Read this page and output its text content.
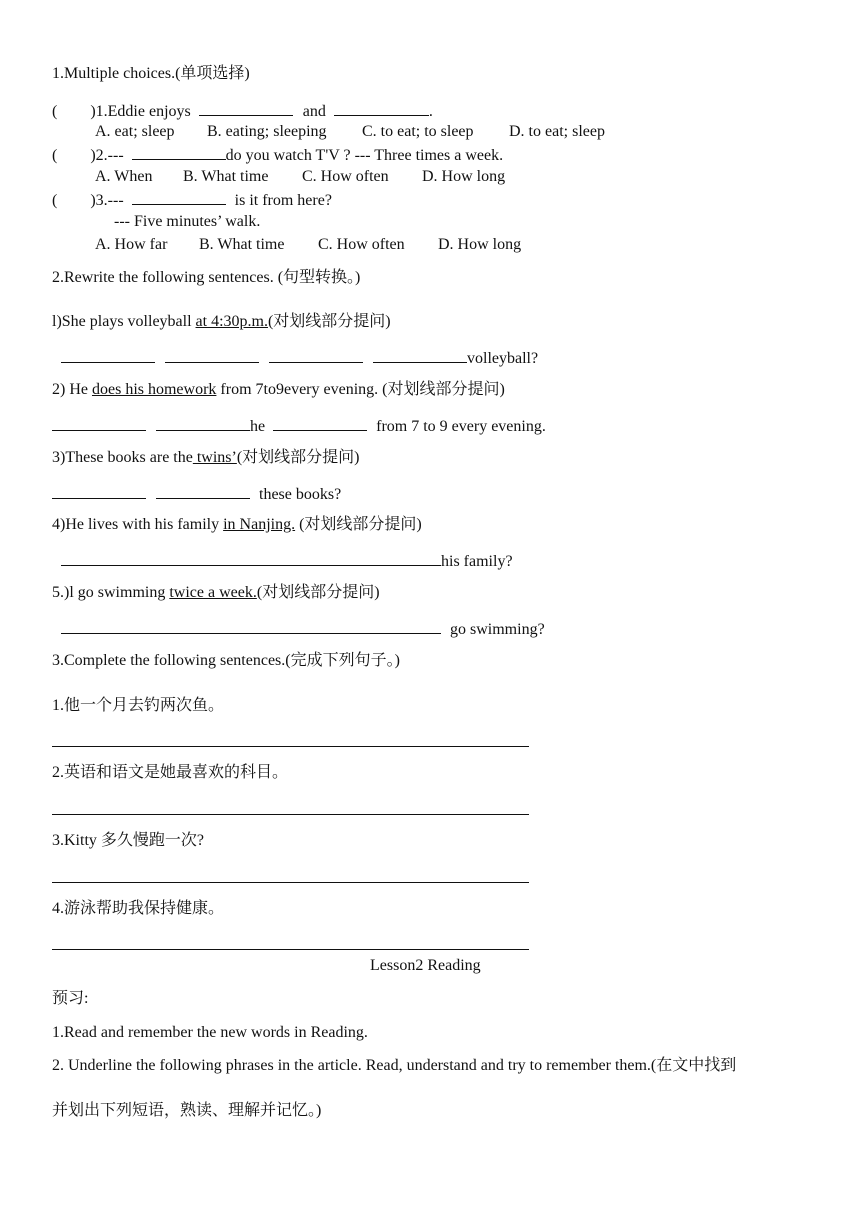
1.Multiple choices.(单项选择)
( )1.Eddie enjoys	and	.
A. eat; sleep B. eating; sleeping C. to eat; to sleep D. to eat; sleep
( )2.---	do you watch T'V ? --- Three times a week.
A. When B. What time C. How often D. How long
( )3.---	is it from here?
--- Five minutes’ walk.
A. How far B. What time C. How often D. How long
2.Rewrite the following sentences. (句型转换。)
l)She plays volleyball at 4:30p.m.(对划线部分提问)
volleyball?
2) He does his homework from 7to9every evening. (对划线部分提问)
he	from 7 to 9 every evening.
3)These books are the twins’(对划线部分提问)
these books?
4)He lives with his family in Nanjing. (对划线部分提问)
his family?
5.)l go swimming twice a week.(对划线部分提问)
go swimming?
3.Complete the following sentences.(完成下列句子。)
1.他一个月去钓两次鱼。
2.英语和语文是她最喜欢的科目。
3.Kitty 多久慢跑一次?
4.游泳帮助我保持健康。
Lesson2 Reading
预习:
1.Read and remember the new words in Reading.
2. Underline the following phrases in the article. Read, understand and try to remember them.(在文中找到
并划出下列短语，熟读、理解并记忆。)
